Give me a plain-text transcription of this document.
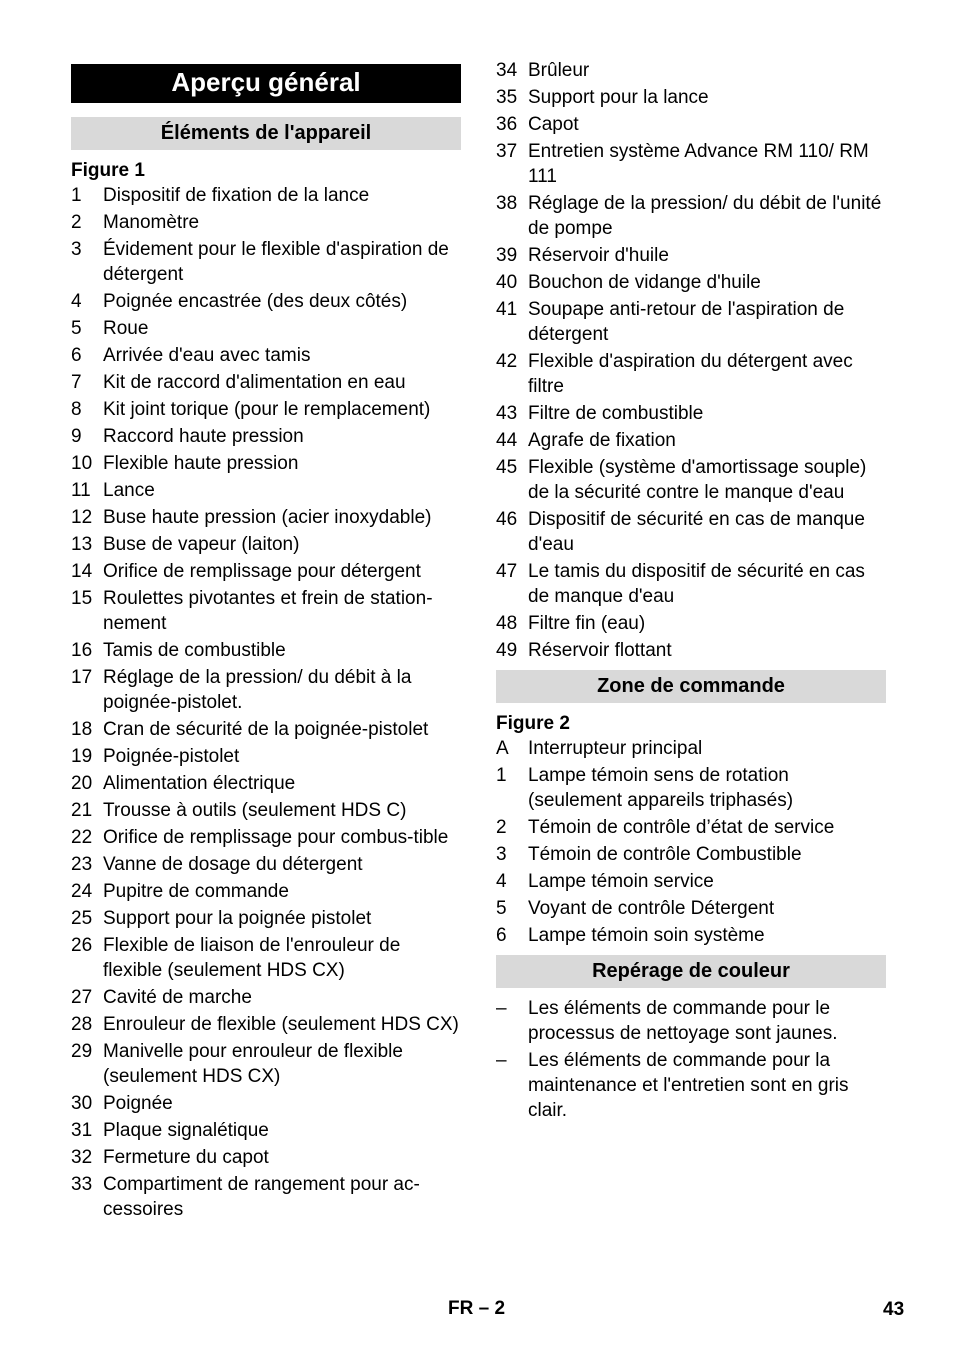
Aperçu général
Éléments de l'appareil
Figure 1
1	Dispositif de fixation de la lance
2	Manomètre
3	Évidement pour le flexible d'aspiration de détergent
4	Poignée encastrée (des deux côtés)
5	Roue
6	Arrivée d'eau avec tamis
7	Kit de raccord d'alimentation en eau
8	Kit joint torique (pour le remplacement)
9	Raccord haute pression
10 Flexible haute pression
11 Lance
12 Buse haute pression (acier inoxydable)
13 Buse de vapeur (laiton)
14 Orifice de remplissage pour détergent
15 Roulettes pivotantes et frein de station-nement
16 Tamis de combustible
17 Réglage de la pression/ du débit à la poignée-pistolet.
18 Cran de sécurité de la poignée-pistolet
19 Poignée-pistolet
20 Alimentation électrique
21 Trousse à outils (seulement HDS C)
22 Orifice de remplissage pour combus-tible
23 Vanne de dosage du détergent
24 Pupitre de commande
25 Support pour la poignée pistolet
26 Flexible de liaison de l'enrouleur de flexible (seulement HDS CX)
27 Cavité de marche
28 Enrouleur de flexible (seulement HDS CX)
29 Manivelle pour enrouleur de flexible (seulement HDS CX)
30 Poignée
31 Plaque signalétique
32 Fermeture du capot
33 Compartiment de rangement pour ac-cessoires
34 Brûleur
35 Support pour la lance
36 Capot
37 Entretien système Advance RM 110/ RM 111
38 Réglage de la pression/ du débit de l'unité de pompe
39 Réservoir d'huile
40 Bouchon de vidange d'huile
41 Soupape anti-retour de l'aspiration de détergent
42 Flexible d'aspiration du détergent avec filtre
43 Filtre de combustible
44 Agrafe de fixation
45 Flexible (système d'amortissage souple) de la sécurité contre le manque d'eau
46 Dispositif de sécurité en cas de manque d'eau
47 Le tamis du dispositif de sécurité en cas de manque d'eau
48 Filtre fin (eau)
49 Réservoir flottant
Zone de commande
Figure 2
A	Interrupteur principal
1	Lampe témoin sens de rotation (seulement appareils triphasés)
2	Témoin de contrôle d’état de service
3	Témoin de contrôle Combustible
4	Lampe témoin service
5	Voyant de contrôle Détergent
6	Lampe témoin soin système
Repérage de couleur
–	Les éléments de commande pour le processus de nettoyage sont jaunes.
–	Les éléments de commande pour la maintenance et l'entretien sont en gris clair.
FR – 2	43
